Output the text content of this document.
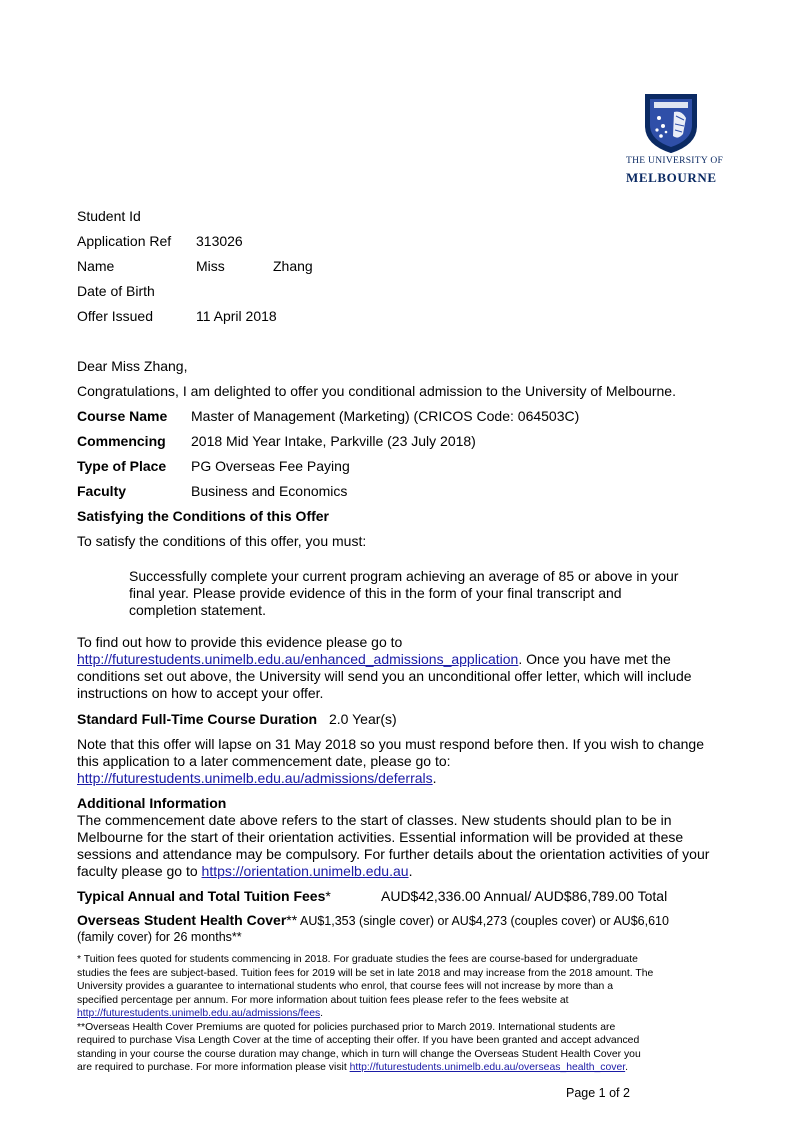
THE UNIVERSITY OF
MELBOURNE
Student Id
Application Ref 313026
Name	Miss	Zhang
Date of Birth
Offer Issued	11 April 2018
Dear Miss Zhang,
Congratulations, I am delighted to offer you conditional admission to the University of Melbourne.
Course Name Master of Management (Marketing) (CRICOS Code: 064503C)
Commencing 2018 Mid Year Intake, Parkville (23 July 2018)
Type of Place PG Overseas Fee Paying
Faculty	Business and Economics
Satisfying the Conditions of this Offer
To satisfy the conditions of this offer, you must:
Successfully complete your current program achieving an average of 85 or above in your
final year. Please provide evidence of this in the form of your final transcript and
completion statement.
To find out how to provide this evidence please go to
http://futurestudents.unimelb.edu.au/enhanced_admissions_application. Once you have met the
conditions set out above, the University will send you an unconditional offer letter, which will include
instructions on how to accept your offer.
Standard Full-Time Course Duration 2.0 Year(s)
Note that this offer will lapse on 31 May 2018 so you must respond before then. If you wish to change
this application to a later commencement date, please go to:
http://futurestudents.unimelb.edu.au/admissions/deferrals.
Additional Information
The commencement date above refers to the start of classes. New students should plan to be in
Melbourne for the start of their orientation activities. Essential information will be provided at these
sessions and attendance may be compulsory. For further details about the orientation activities of your
faculty please go to https://orientation.unimelb.edu.au.
Typical Annual and Total Tuition Fees*	AUD$42,336.00 Annual/ AUD$86,789.00 Total
Overseas Student Health Cover** AU$1,353 (single cover) or AU$4,273 (couples cover) or AU$6,610
(family cover) for 26 months**
* Tuition fees quoted for students commencing in 2018. For graduate studies the fees are course-based for undergraduate
studies the fees are subject-based. Tuition fees for 2019 will be set in late 2018 and may increase from the 2018 amount. The
University provides a guarantee to international students who enrol, that course fees will not increase by more than a
specified percentage per annum. For more information about tuition fees please refer to the fees website at
http://futurestudents.unimelb.edu.au/admissions/fees.
**Overseas Health Cover Premiums are quoted for policies purchased prior to March 2019. International students are
required to purchase Visa Length Cover at the time of accepting their offer. If you have been granted and accept advanced
standing in your course the course duration may change, which in turn will change the Overseas Student Health Cover you
are required to purchase. For more information please visit http://futurestudents.unimelb.edu.au/overseas_health_cover.
Page 1 of 2
